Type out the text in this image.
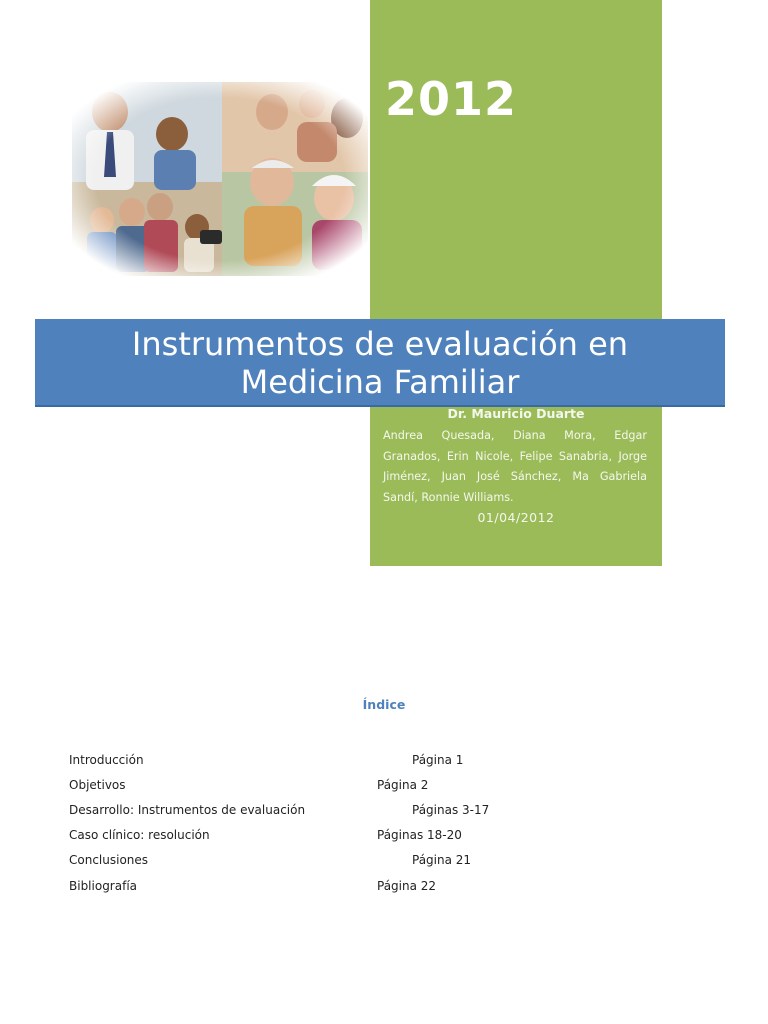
2012
Instrumentos de evaluación en
Medicina Familiar
Dr. Mauricio Duarte
Andrea Quesada, Diana Mora, Edgar Granados, Erin Nicole, Felipe Sanabria, Jorge Jiménez, Juan José Sánchez, Ma Gabriela Sandí, Ronnie Williams.
01/04/2012
Índice
Introducción	Página 1
Objetivos	Página 2
Desarrollo: Instrumentos de evaluación	Páginas 3-17
Caso clínico: resolución	Páginas 18-20
Conclusiones	Página 21
Bibliografía	Página 22
